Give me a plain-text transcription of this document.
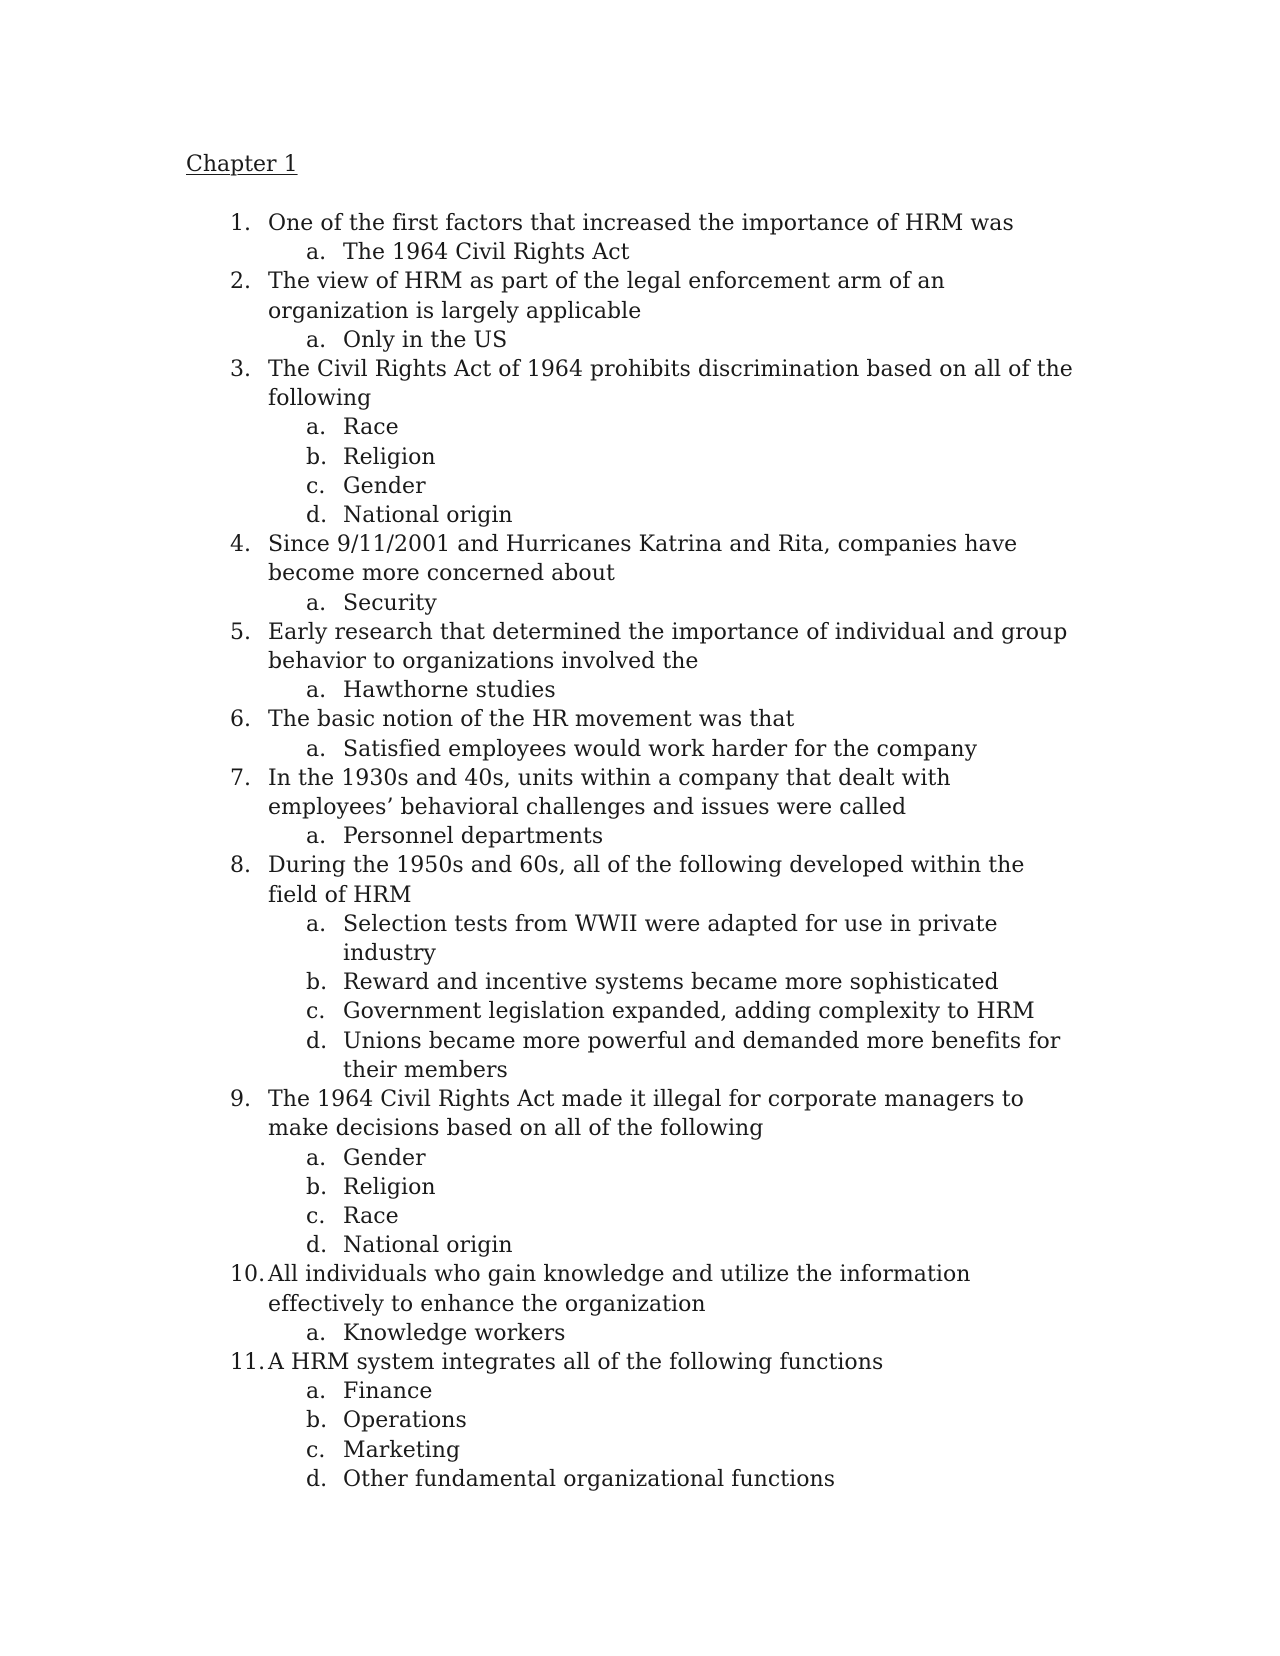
Chapter 1
1. One of the first factors that increased the importance of HRM was
a. The 1964 Civil Rights Act
2. The view of HRM as part of the legal enforcement arm of an organization is largely applicable
a. Only in the US
3. The Civil Rights Act of 1964 prohibits discrimination based on all of the following
a. Race
b. Religion
c. Gender
d. National origin
4. Since 9/11/2001 and Hurricanes Katrina and Rita, companies have become more concerned about
a. Security
5. Early research that determined the importance of individual and group behavior to organizations involved the
a. Hawthorne studies
6. The basic notion of the HR movement was that
a. Satisfied employees would work harder for the company
7. In the 1930s and 40s, units within a company that dealt with employees’ behavioral challenges and issues were called
a. Personnel departments
8. During the 1950s and 60s, all of the following developed within the field of HRM
a. Selection tests from WWII were adapted for use in private industry
b. Reward and incentive systems became more sophisticated
c. Government legislation expanded, adding complexity to HRM
d. Unions became more powerful and demanded more benefits for their members
9. The 1964 Civil Rights Act made it illegal for corporate managers to make decisions based on all of the following
a. Gender
b. Religion
c. Race
d. National origin
10. All individuals who gain knowledge and utilize the information effectively to enhance the organization
a. Knowledge workers
11. A HRM system integrates all of the following functions
a. Finance
b. Operations
c. Marketing
d. Other fundamental organizational functions
